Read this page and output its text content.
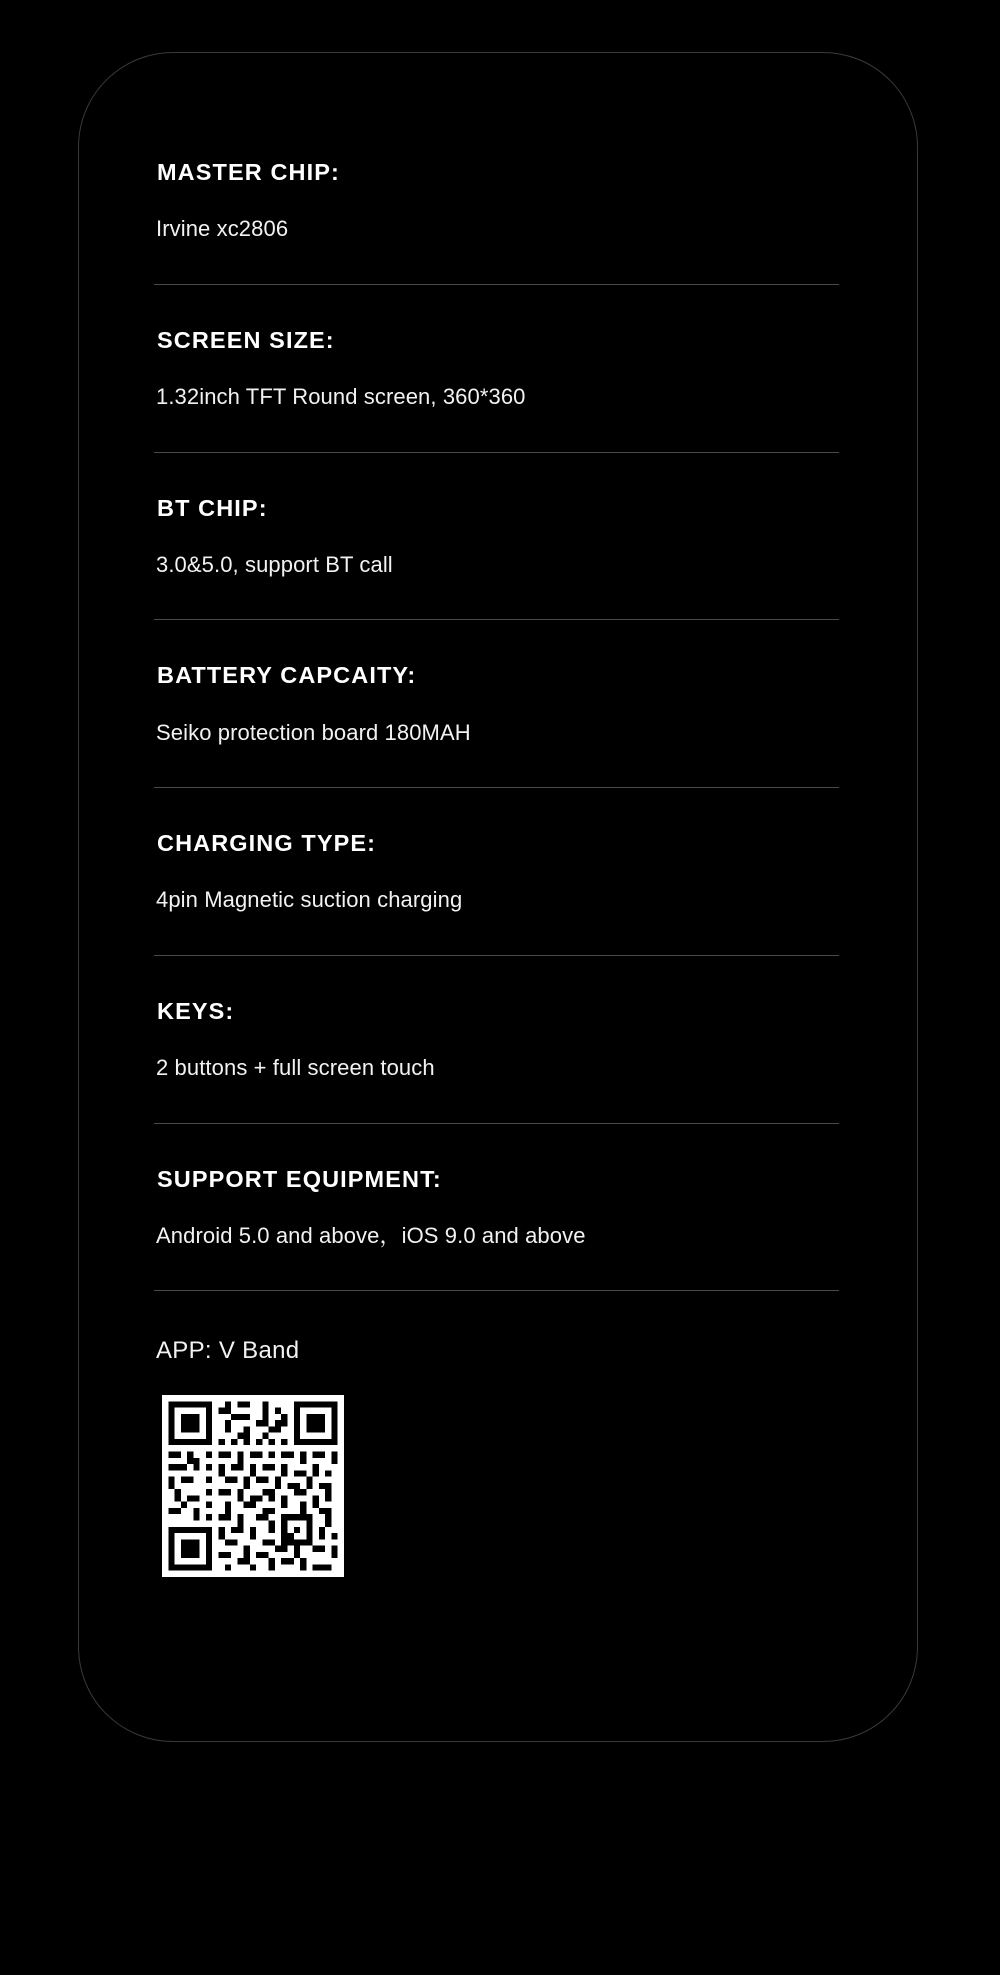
MASTER CHIP:
Irvine xc2806
SCREEN SIZE:
1.32inch TFT Round screen, 360*360
BT CHIP:
3.0&5.0, support BT call
BATTERY CAPCAITY:
Seiko protection board 180MAH
CHARGING TYPE:
4pin Magnetic suction charging
KEYS:
2 buttons + full screen touch
SUPPORT EQUIPMENT:
Android 5.0 and above，iOS 9.0 and above
APP: V Band
